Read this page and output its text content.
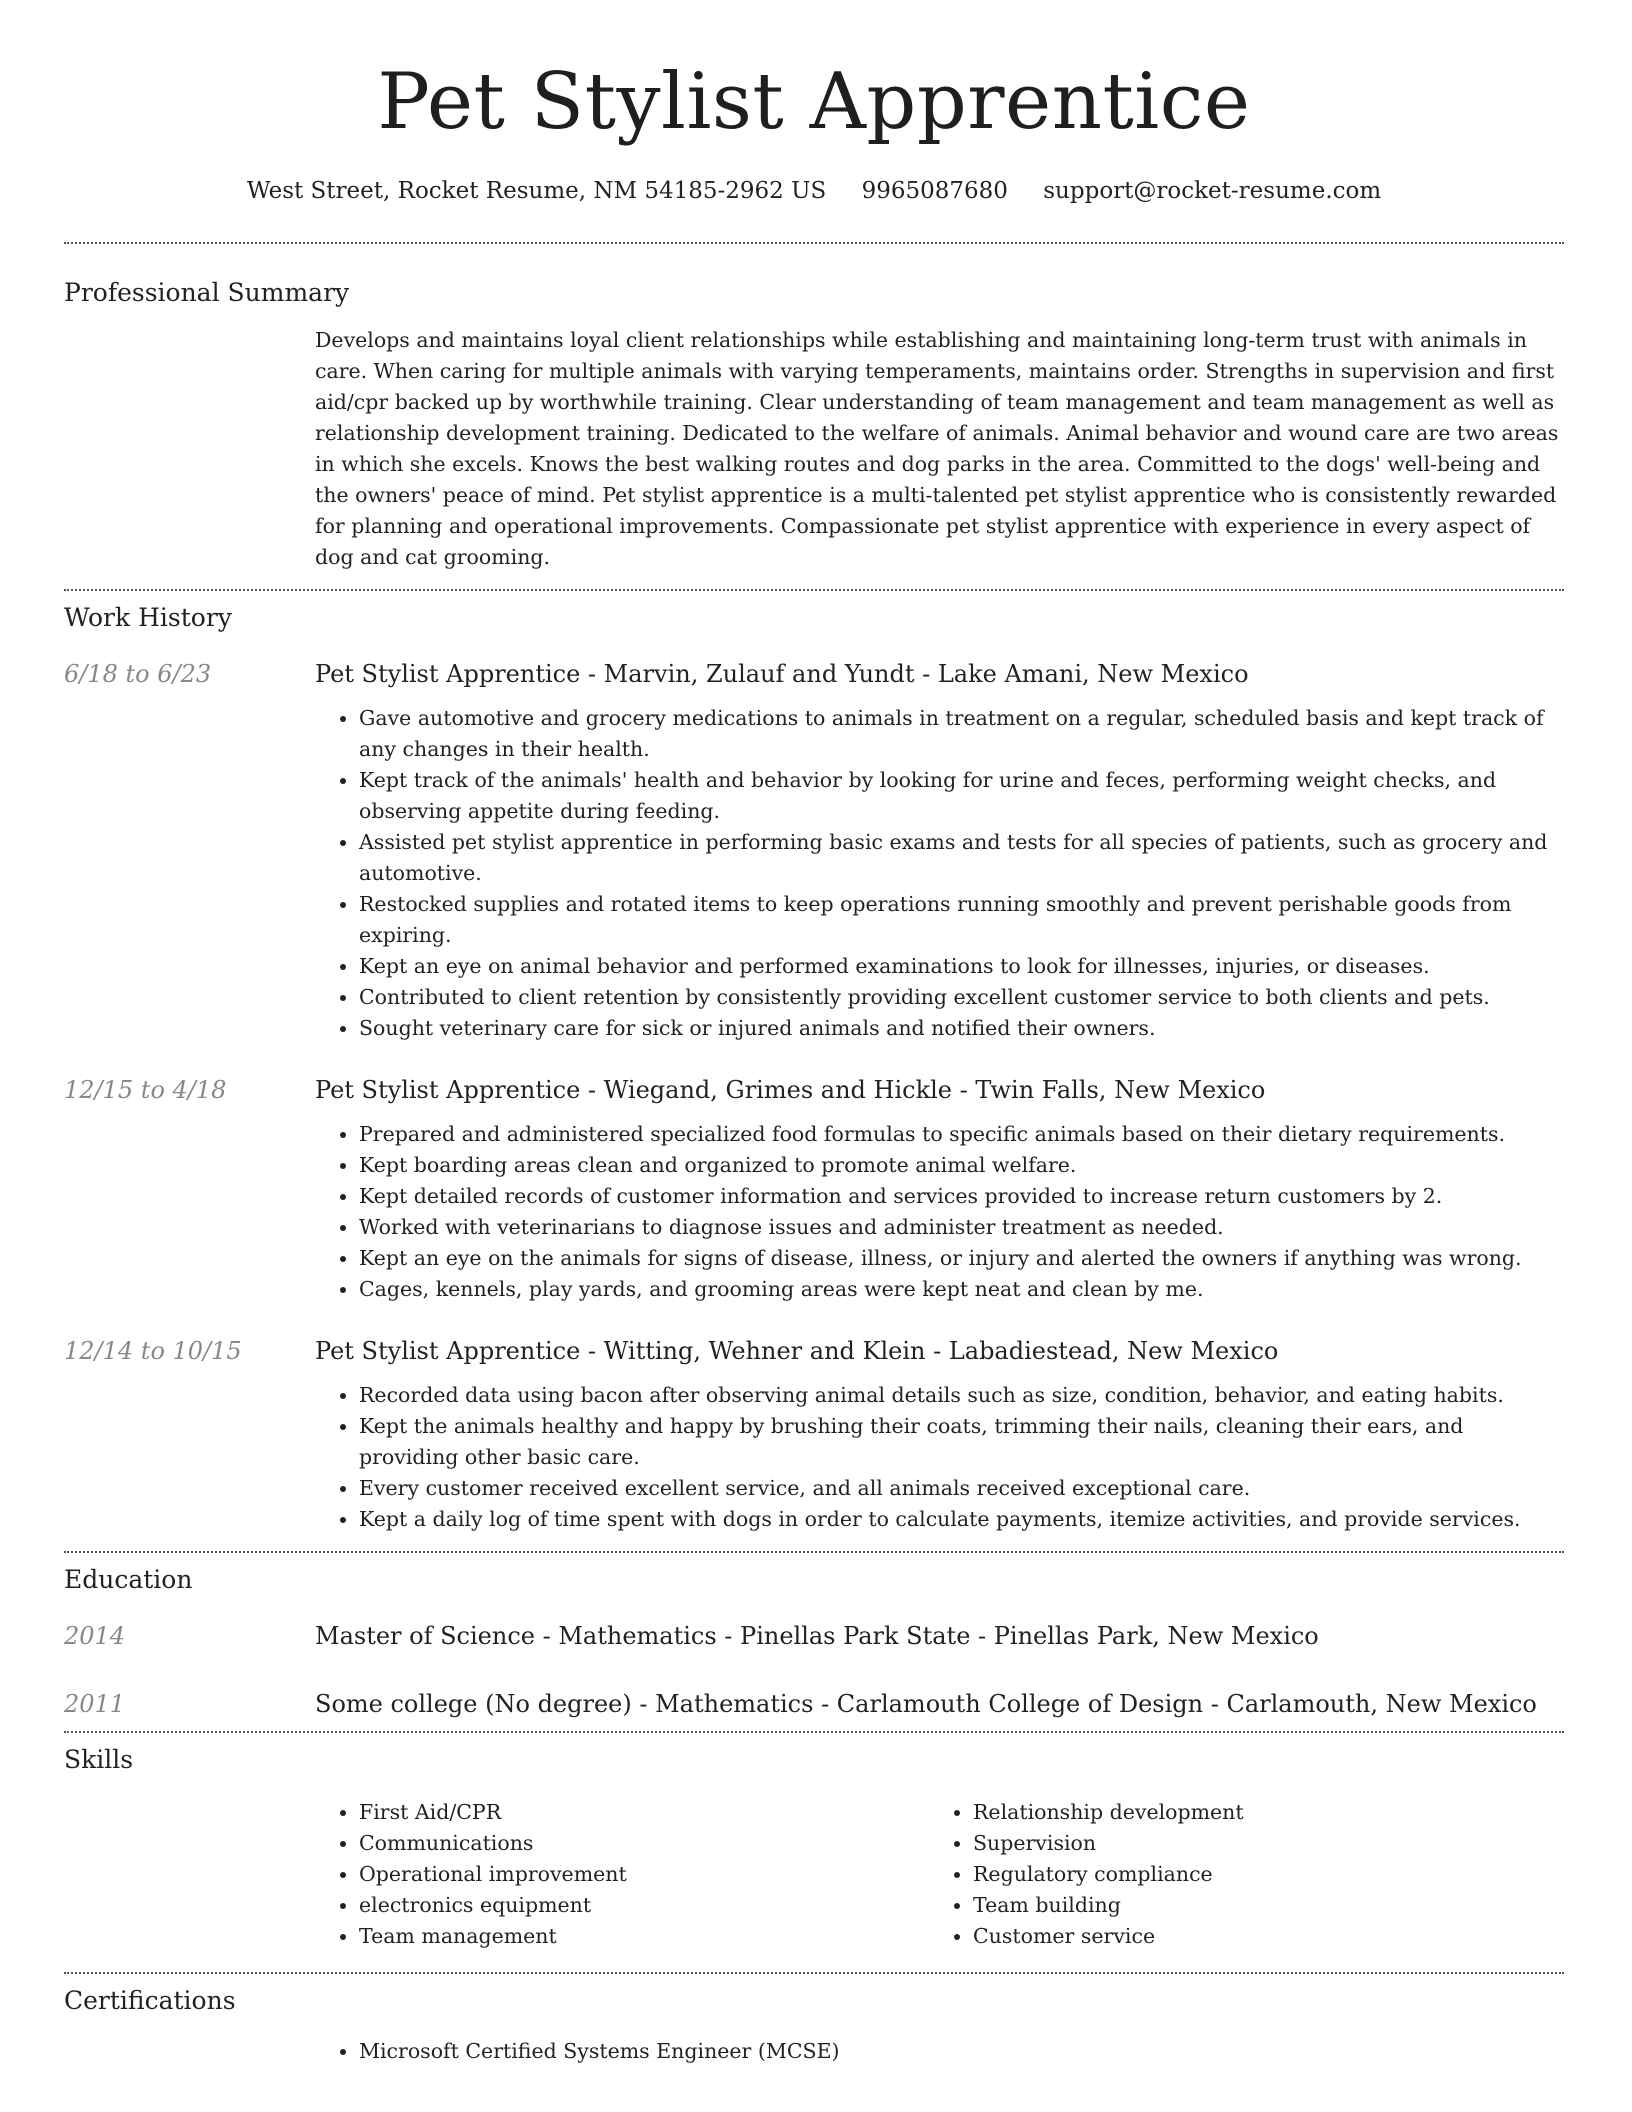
Pet Stylist Apprentice
West Street, Rocket Resume, NM 54185-2962 US 9965087680 support@rocket-resume.com
Professional Summary

Develops and maintains loyal client relationships while establishing and maintaining long-term trust with animals in care. When caring for multiple animals with varying temperaments, maintains order. Strengths in supervision and first aid/cpr backed up by worthwhile training. Clear understanding of team management and team management as well as relationship development training. Dedicated to the welfare of animals. Animal behavior and wound care are two areas in which she excels. Knows the best walking routes and dog parks in the area. Committed to the dogs' well-being and the owners' peace of mind. Pet stylist apprentice is a multi-talented pet stylist apprentice who is consistently rewarded for planning and operational improvements. Compassionate pet stylist apprentice with experience in every aspect of dog and cat grooming.

Work History
6/18 to 6/23	Pet Stylist Apprentice - Marvin, Zulauf and Yundt - Lake Amani, New Mexico
• Gave automotive and grocery medications to animals in treatment on a regular, scheduled basis and kept track of any changes in their health.
• Kept track of the animals' health and behavior by looking for urine and feces, performing weight checks, and observing appetite during feeding.
• Assisted pet stylist apprentice in performing basic exams and tests for all species of patients, such as grocery and automotive.
• Restocked supplies and rotated items to keep operations running smoothly and prevent perishable goods from expiring.
• Kept an eye on animal behavior and performed examinations to look for illnesses, injuries, or diseases.
• Contributed to client retention by consistently providing excellent customer service to both clients and pets.
• Sought veterinary care for sick or injured animals and notified their owners.
12/15 to 4/18	Pet Stylist Apprentice - Wiegand, Grimes and Hickle - Twin Falls, New Mexico
• Prepared and administered specialized food formulas to specific animals based on their dietary requirements.
• Kept boarding areas clean and organized to promote animal welfare.
• Kept detailed records of customer information and services provided to increase return customers by 2.
• Worked with veterinarians to diagnose issues and administer treatment as needed.
• Kept an eye on the animals for signs of disease, illness, or injury and alerted the owners if anything was wrong.
• Cages, kennels, play yards, and grooming areas were kept neat and clean by me.
12/14 to 10/15	Pet Stylist Apprentice - Witting, Wehner and Klein - Labadiestead, New Mexico
• Recorded data using bacon after observing animal details such as size, condition, behavior, and eating habits.
• Kept the animals healthy and happy by brushing their coats, trimming their nails, cleaning their ears, and providing other basic care.
• Every customer received excellent service, and all animals received exceptional care.
• Kept a daily log of time spent with dogs in order to calculate payments, itemize activities, and provide services.
Education
2014	Master of Science - Mathematics - Pinellas Park State - Pinellas Park, New Mexico
2011	Some college (No degree) - Mathematics - Carlamouth College of Design - Carlamouth, New Mexico
Skills
• First Aid/CPR
• Communications
• Operational improvement
• electronics equipment
• Team management
• Relationship development
• Supervision
• Regulatory compliance
• Team building
• Customer service
Certifications
• Microsoft Certified Systems Engineer (MCSE)
